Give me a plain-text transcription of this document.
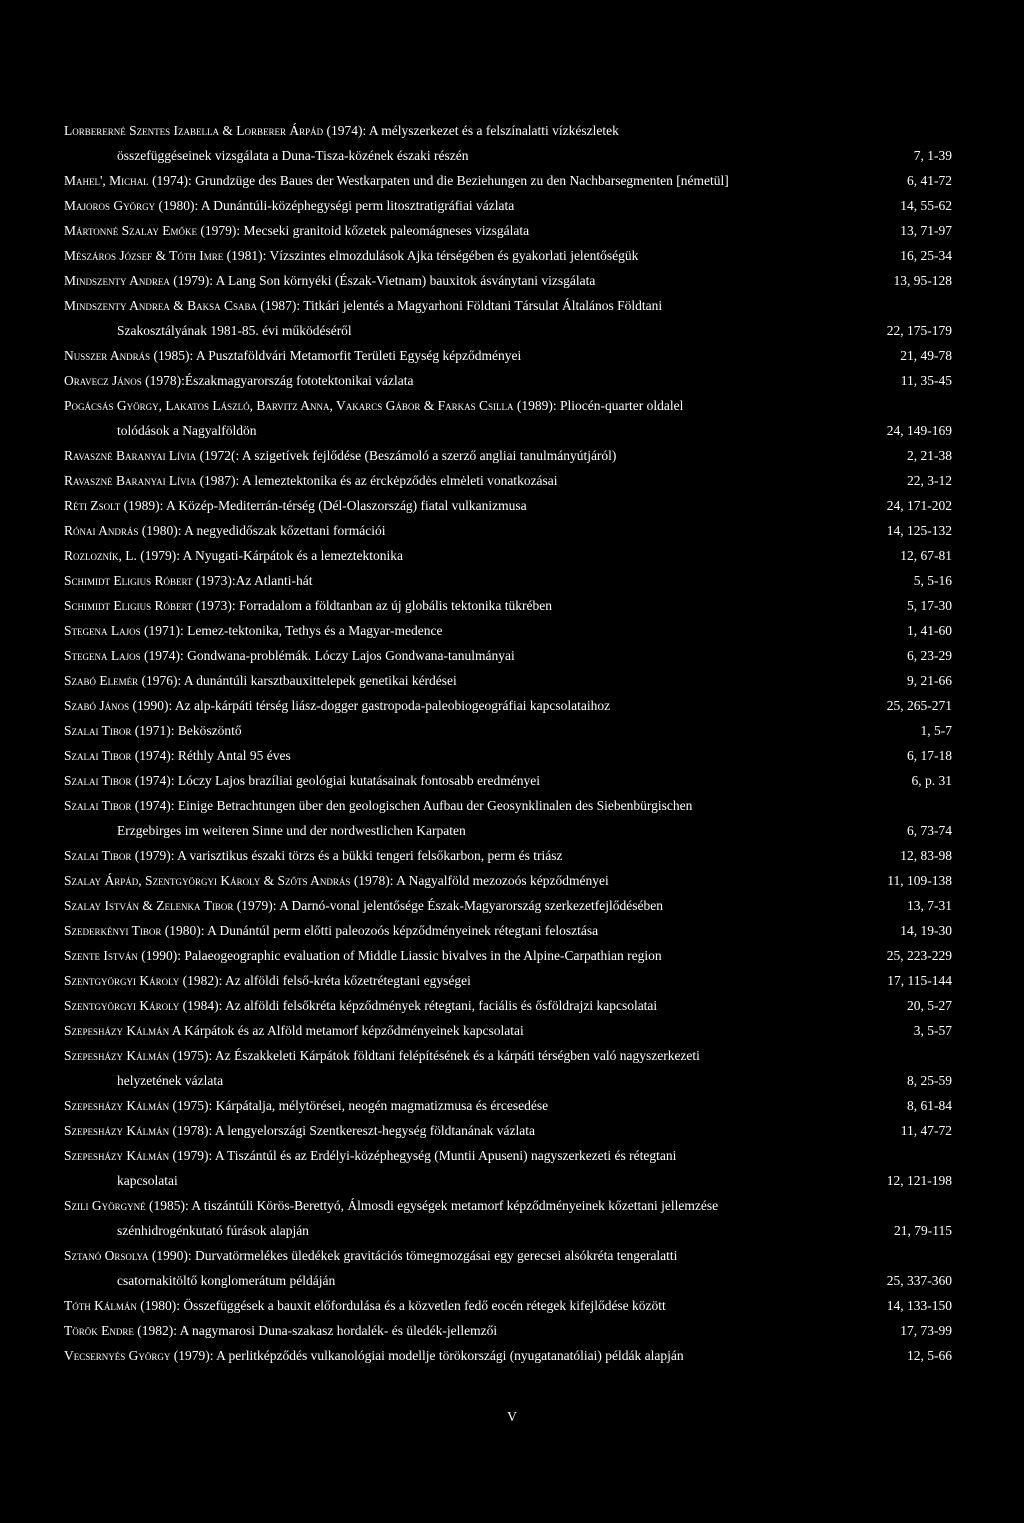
Lorbererné Szentes Izabella & Lorberer Árpád (1974): A mélyszerkezet és a felszínalatti vízkészletek
összefüggéseinek vizsgálata a Duna-Tisza-közének északi részén	7, 1-39
Mahel', Michal (1974): Grundzüge des Baues der Westkarpaten und die Beziehungen zu den Nachbarsegmenten [németül]	6, 41-72
Majoros György (1980): A Dunántúli-középhegységi perm litosztratigráfiai vázlata	14, 55-62
Mártonné Szalay Emőke (1979): Mecseki granitoid kőzetek paleomágneses vizsgálata	13, 71-97
Mészáros József & Tóth Imre (1981): Vízszintes elmozdulások Ajka térségében és gyakorlati jelentőségük	16, 25-34
Mindszenty Andrea (1979): A Lang Son környéki (Észak-Vietnam) bauxitok ásványtani vizsgálata	13, 95-128
Mindszenty Andrea & Baksa Csaba (1987): Titkári jelentés a Magyarhoni Földtani Társulat Általános Földtani
Szakosztályának 1981-85. évi működéséről	22, 175-179
Nusszer András (1985): A Pusztaföldvári Metamorfit Területi Egység képződményei	21, 49-78
Oravecz János (1978):Északmagyarország fototektonikai vázlata	11, 35-45
Pogácsás György, Lakatos László, Barvitz Anna, Vakarcs Gábor & Farkas Csilla (1989): Pliocén-quarter oldalel
tolódások a Nagyalföldön	24, 149-169
Ravasznė Baranyai Lívia (1972(: A szigetívek fejlődése (Beszámoló a szerző angliai tanulmányútjáról)	2, 21-38
Ravasznė Baranyai Lívia (1987): A lemeztektonika és az érckėpződės elmėleti vonatkozásai	22, 3-12
Réti Zsolt (1989): A Közép-Mediterrán-térség (Dél-Olaszország) fiatal vulkanizmusa	24, 171-202
Rónai András (1980): A negyedidőszak kőzettani formációi	14, 125-132
Rozlozník, L. (1979): A Nyugati-Kárpátok és a lemeztektonika	12, 67-81
Schimidt Eligius Róbert (1973):Az Atlanti-hát	5, 5-16
Schimidt Eligius Róbert (1973): Forradalom a földtanban az új globális tektonika tükrében	5, 17-30
Stegena Lajos (1971): Lemez-tektonika, Tethys és a Magyar-medence	1, 41-60
Stegena Lajos (1974): Gondwana-problémák. Lóczy Lajos Gondwana-tanulmányai	6, 23-29
Szabó Elemér (1976): A dunántúli karsztbauxittelepek genetikai kérdései	9, 21-66
Szabó János (1990): Az alp-kárpáti térség liász-dogger gastropoda-paleobiogeográfiai kapcsolataihoz	25, 265-271
Szalai Tibor (1971): Beköszöntő	1, 5-7
Szalai Tibor (1974): Réthly Antal 95 éves	6, 17-18
Szalai Tibor (1974): Lóczy Lajos brazíliai geológiai kutatásainak fontosabb eredményei	6, p. 31
Szalai Tibor (1974): Einige Betrachtungen über den geologischen Aufbau der Geosynklinalen des Siebenbürgischen
Erzgebirges im weiteren Sinne und der nordwestlichen Karpaten	6, 73-74
Szalai Tibor (1979): A varisztikus északi törzs és a bükki tengeri felsőkarbon, perm és triász	12, 83-98
Szalay Árpád, Szentgyörgyi Károly & Szőts András (1978): A Nagyalföld mezozoós képződményei	11, 109-138
Szalay István & Zelenka Tibor (1979): A Darnó-vonal jelentősége Észak-Magyarország szerkezetfejlődésében	13, 7-31
Szederkényi Tibor (1980): A Dunántúl perm előtti paleozoós képződményeinek rétegtani felosztása	14, 19-30
Szente István (1990): Palaeogeographic evaluation of Middle Liassic bivalves in the Alpine-Carpathian region	25, 223-229
Szentgyörgyi Károly (1982): Az alföldi felső-kréta kőzetrétegtani egységei	17, 115-144
Szentgyörgyi Károly (1984): Az alföldi felsőkréta képződmények rétegtani, faciális és ősföldrajzi kapcsolatai	20, 5-27
Szepesházy Kálmán A Kárpátok és az Alföld metamorf képződményeinek kapcsolatai	3, 5-57
Szepesházy Kálmán (1975): Az Északkeleti Kárpátok földtani felépítésének és a kárpáti térségben való nagyszerkezeti
helyzetének vázlata	8, 25-59
Szepesházy Kálmán (1975): Kárpátalja, mélytörései, neogén magmatizmusa és ércesedése	8, 61-84
Szepesházy Kálmán (1978): A lengyelországi Szentkereszt-hegység földtanának vázlata	11, 47-72
Szepesházy Kálmán (1979): A Tiszántúl és az Erdélyi-középhegység (Muntii Apuseni) nagyszerkezeti és rétegtani
kapcsolatai	12, 121-198
Szili Györgyné (1985): A tiszántúli Körös-Berettyó, Álmosdi egységek metamorf képződményeinek kőzettani jellemzése
szénhidrogénkutató fúrások alapján	21, 79-115
Sztanó Orsolya (1990): Durvatörmelékes üledékek gravitációs tömegmozgásai egy gerecsei alsókréta tengeralatti
csatornakitöltő konglomerátum példáján	25, 337-360
Tóth Kálmán (1980): Összefüggések a bauxit előfordulása és a közvetlen fedő eocén rétegek kifejlődése között	14, 133-150
Török Endre (1982): A nagymarosi Duna-szakasz hordalék- és üledék-jellemzői	17, 73-99
Vecsernyés György (1979): A perlitképződés vulkanológiai modellje törökországi (nyugatanatóliai) példák alapján	12, 5-66
V
